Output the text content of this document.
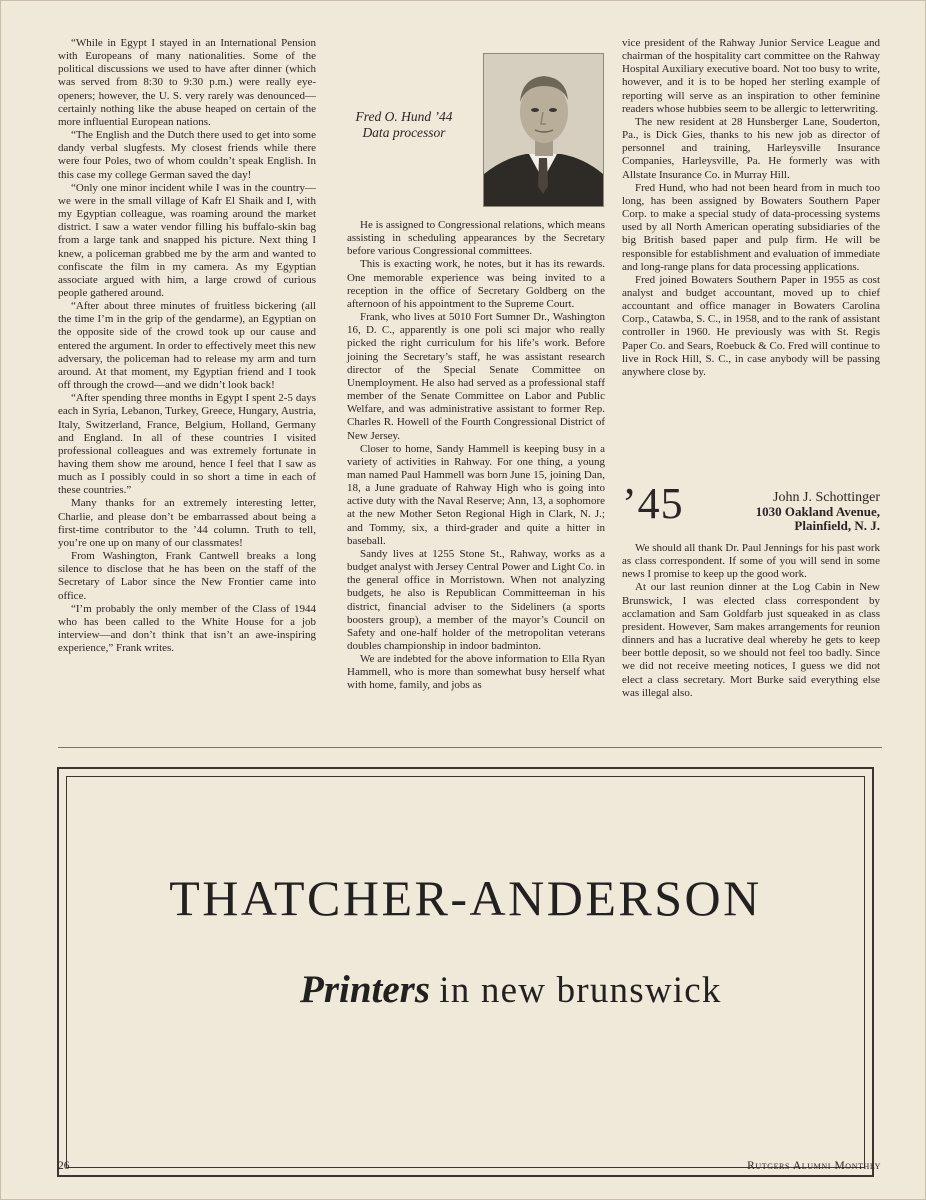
“While in Egypt I stayed in an International Pension with Europeans of many nationalities. Some of the political discussions we used to have after dinner (which was served from 8:30 to 9:30 p.m.) were really eye-openers; however, the U. S. very rarely was denounced—certainly nothing like the abuse heaped on certain of the more influential European nations.

“The English and the Dutch there used to get into some dandy verbal slugfests. My closest friends while there were four Poles, two of whom couldn’t speak English. In this case my college German saved the day!

“Only one minor incident while I was in the country—we were in the small village of Kafr El Shaik and I, with my Egyptian colleague, was roaming around the market district. I saw a water vendor filling his buffalo-skin bag from a large tank and snapped his picture. Next thing I knew, a policeman grabbed me by the arm and wanted to confiscate the film in my camera. As my Egyptian associate argued with him, a large crowd of curious people gathered around.

“After about three minutes of fruitless bickering (all the time I’m in the grip of the gendarme), an Egyptian on the opposite side of the crowd took up our cause and entered the argument. In order to effectively meet this new adversary, the policeman had to release my arm and turn around. At that moment, my Egyptian friend and I took off through the crowd—and we didn’t look back!

“After spending three months in Egypt I spent 2-5 days each in Syria, Lebanon, Turkey, Greece, Hungary, Austria, Italy, Switzerland, France, Belgium, Holland, Germany and England. In all of these countries I visited professional colleagues and was extremely fortunate in having them show me around, hence I feel that I saw as much as I possibly could in so short a time in each of these countries.”

Many thanks for an extremely interesting letter, Charlie, and please don’t be embarrassed about being a first-time contributor to the ’44 column. Truth to tell, you’re one up on many of our classmates!

From Washington, Frank Cantwell breaks a long silence to disclose that he has been on the staff of the Secretary of Labor since the New Frontier came into office.

“I’m probably the only member of the Class of 1944 who has been called to the White House for a job interview—and don’t think that isn’t an awe-inspiring experience,” Frank writes.

Fred O. Hund ’44
Data processor

He is assigned to Congressional relations, which means assisting in scheduling appearances by the Secretary before various Congressional committees.

This is exacting work, he notes, but it has its rewards. One memorable experience was being invited to a reception in the office of Secretary Goldberg on the afternoon of his appointment to the Supreme Court.

Frank, who lives at 5010 Fort Sumner Dr., Washington 16, D. C., apparently is one poli sci major who really picked the right curriculum for his life’s work. Before joining the Secretary’s staff, he was assistant research director of the Special Senate Committee on Unemployment. He also had served as a professional staff member of the Senate Committee on Labor and Public Welfare, and was administrative assistant to former Rep. Charles R. Howell of the Fourth Congressional District of New Jersey.

Closer to home, Sandy Hammell is keeping busy in a variety of activities in Rahway. For one thing, a young man named Paul Hammell was born June 15, joining Dan, 18, a June graduate of Rahway High who is going into active duty with the Naval Reserve; Ann, 13, a sophomore at the new Mother Seton Regional High in Clark, N. J.; and Tommy, six, a third-grader and quite a hitter in baseball.

Sandy lives at 1255 Stone St., Rahway, works as a budget analyst with Jersey Central Power and Light Co. in the general office in Morristown. When not analyzing budgets, he also is Republican Committeeman in his district, financial adviser to the Sideliners (a sports boosters group), a member of the mayor’s Council on Safety and one-half holder of the metropolitan veterans doubles championship in indoor badminton.

We are indebted for the above information to Ella Ryan Hammell, who is more than somewhat busy herself what with home, family, and jobs as

vice president of the Rahway Junior Service League and chairman of the hospitality cart committee on the Rahway Hospital Auxiliary executive board. Not too busy to write, however, and it is to be hoped her sterling example of reporting will serve as an inspiration to other feminine readers whose hubbies seem to be allergic to letterwriting.

The new resident at 28 Hunsberger Lane, Souderton, Pa., is Dick Gies, thanks to his new job as director of personnel and training, Harleysville Insurance Companies, Harleysville, Pa. He formerly was with Allstate Insurance Co. in Murray Hill.

Fred Hund, who had not been heard from in much too long, has been assigned by Bowaters Southern Paper Corp. to make a special study of data-processing systems used by all North American operating subsidiaries of the big British based paper and pulp firm. He will be responsible for establishment and evaluation of immediate and long-range plans for data processing applications.

Fred joined Bowaters Southern Paper in 1955 as cost analyst and budget accountant, moved up to chief accountant and office manager in Bowaters Carolina Corp., Catawba, S. C., in 1958, and to the rank of assistant controller in 1960. He previously was with St. Regis Paper Co. and Sears, Roebuck & Co. Fred will continue to live in Rock Hill, S. C., in case anybody will be passing anywhere close by.

’45	John J. Schottinger
1030 Oakland Avenue,
Plainfield, N. J.

We should all thank Dr. Paul Jennings for his past work as class correspondent. If some of you will send in some news I promise to keep up the good work.

At our last reunion dinner at the Log Cabin in New Brunswick, I was elected class correspondent by acclamation and Sam Goldfarb just squeaked in as class president. However, Sam makes arrangements for reunion dinners and has a lucrative deal whereby he gets to keep beer bottle deposit, so we should not feel too badly. Since we did not receive meeting notices, I guess we did not elect a class secretary. Mort Burke said everything else was illegal also.

THATCHER-ANDERSON
Printers in new brunswick
26	Rutgers Alumni Monthly
